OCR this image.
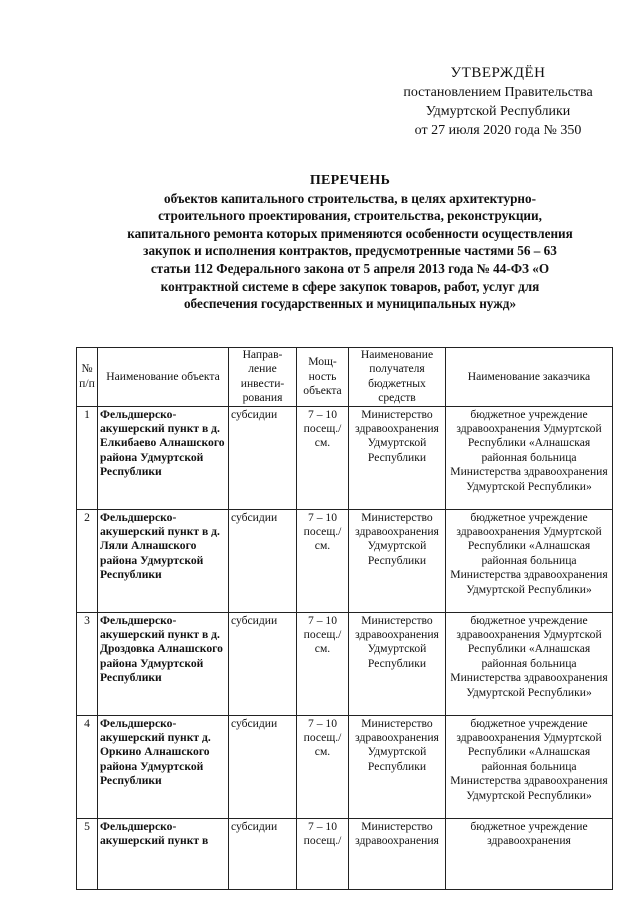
УТВЕРЖДЁН
постановлением Правительства
Удмуртской Республики
от 27 июля 2020 года № 350
ПЕРЕЧЕНЬ
объектов капитального строительства, в целях архитектурно-
строительного проектирования, строительства, реконструкции,
капитального ремонта которых применяются особенности осуществления
закупок и исполнения контрактов, предусмотренные частями 56 – 63
статьи 112 Федерального закона от 5 апреля 2013 года № 44-ФЗ «О
контрактной системе в сфере закупок товаров, работ, услуг для
обеспечения государственных и муниципальных нужд»
№ п/п	Наименование объекта	Направ-ление инвести-рования	Мощ-ность объекта	Наименование получателя бюджетных средств	Наименование заказчика
1	Фельдшерско-акушерский пункт в д. Елкибаево Алнашского района Удмуртской Республики	субсидии	7 – 10 посещ./ см.	Министерство здравоохранения Удмуртской Республики	бюджетное учреждение здравоохранения Удмуртской Республики «Алнашская районная больница Министерства здравоохранения Удмуртской Республики»
2	Фельдшерско-акушерский пункт в д. Ляли Алнашского района Удмуртской Республики	субсидии	7 – 10 посещ./ см.	Министерство здравоохранения Удмуртской Республики	бюджетное учреждение здравоохранения Удмуртской Республики «Алнашская районная больница Министерства здравоохранения Удмуртской Республики»
3	Фельдшерско-акушерский пункт в д. Дроздовка Алнашского района Удмуртской Республики	субсидии	7 – 10 посещ./ см.	Министерство здравоохранения Удмуртской Республики	бюджетное учреждение здравоохранения Удмуртской Республики «Алнашская районная больница Министерства здравоохранения Удмуртской Республики»
4	Фельдшерско-акушерский пункт д. Оркино Алнашского района Удмуртской Республики	субсидии	7 – 10 посещ./ см.	Министерство здравоохранения Удмуртской Республики	бюджетное учреждение здравоохранения Удмуртской Республики «Алнашская районная больница Министерства здравоохранения Удмуртской Республики»
5	Фельдшерско-акушерский пункт в	субсидии	7 – 10 посещ./	Министерство здравоохранения	бюджетное учреждение здравоохранения
